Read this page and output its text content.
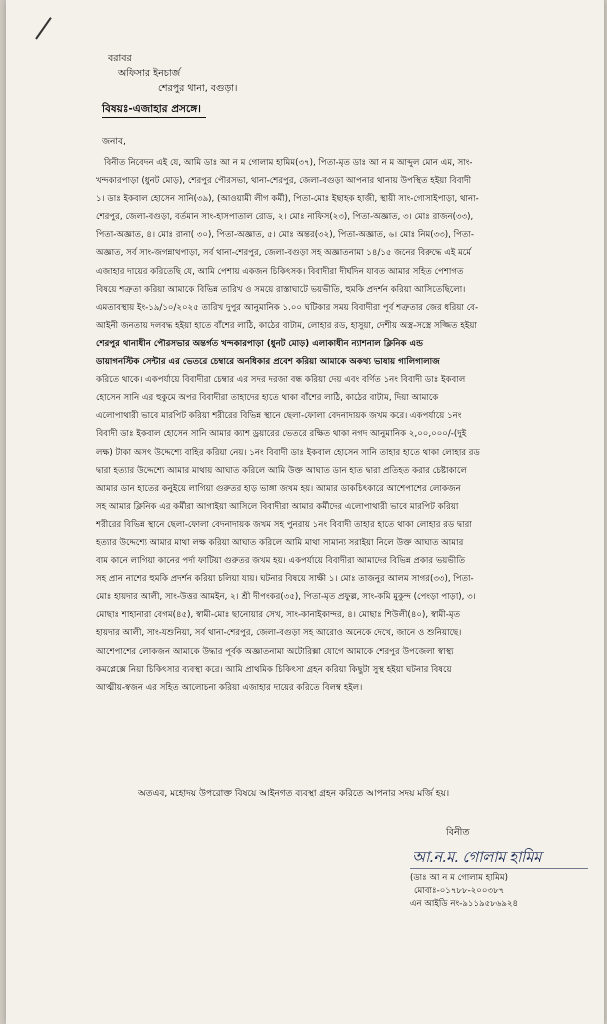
বরাবর
অফিসার ইনচার্জ
শেরপুর থানা, বগুড়া।
বিষয়ঃ-এজাহার প্রসঙ্গে।
জনাব,
বিনীত নিবেদন এই যে, আমি ডাঃ আ ন ম গোলাম হামিম(৩৭), পিতা-মৃত ডাঃ আ ন ম আব্দুল মোন এম, সাং-
খন্দকারপাড়া (ধুনট মোড়), শেরপুর পৌরসভা, থানা-শেরপুর, জেলা-বগুড়া আপনার থানায় উপস্থিত হইয়া বিবাদী
১। ডাঃ ইকবাল হোসেন সানি(৩৯), (আওয়ামী লীগ কর্মী), পিতা-মোঃ ইছাহক হাজী, স্থায়ী সাং-গোসাইপাড়া, থানা-
শেরপুর, জেলা-বগুড়া, বর্তমান সাং-হাসপাতাল রোড, ২। মোঃ নাফিস(২৩), পিতা-অজ্ঞাত, ৩। মোঃ রাজন(৩৩),
পিতা-অজ্ঞাত, ৪। মোঃ রানা( ৩০), পিতা-অজ্ঞাত, ৫। মোঃ অন্তর(৩২), পিতা-অজ্ঞাত, ৬। মোঃ নিম(৩৩), পিতা-
অজ্ঞাত, সর্ব সাং-জগন্নাথপাড়া, সর্ব থানা-শেরপুর, জেলা-বগুড়া সহ অজ্ঞাতনামা ১৪/১৫ জনের বিরুদ্ধে এই মর্মে
এজাহার দায়ের করিতেছি যে, আমি পেশায় একজন চিকিৎসক। বিবাদীরা দীর্ঘদিন যাবত আমার সহিত পেশাগত
বিষয়ে শত্রুতা করিয়া আমাকে বিভিন্ন তারিখ ও সময়ে রাস্তাঘাটে ভয়ভীতি, হুমকি প্রদর্শন করিয়া আসিতেছিলো।
এমতাবস্থায় ইং-১৯/১০/২০২৫ তারিখ দুপুর আনুমানিক ১.০০ ঘটিকার সময় বিবাদীরা পূর্ব শত্রুতার জের ধরিয়া বে-
আইনী জনতায় দলবদ্ধ হইয়া হাতে বাঁশের লাঠি, কাঠের বাটাম, লোহার রড, হাসুয়া, দেশীয় অস্ত্র-সস্ত্রে সজ্জিত হইয়া
শেরপুর থানাধীন পৌরসভার অন্তর্গত খন্দকারপাড়া (ধুনট মোড়) এলাকাধীন ন্যাশনাল ক্লিনিক এন্ড
ডায়াগনস্টিক সেন্টার এর ভেতরে চেম্বারে অনধিকার প্রবেশ করিয়া আমাকে অকথ্য ভাষায় গালিগালাজ
করিতে থাকে। একপর্যায়ে বিবাদীরা চেম্বার এর সদর দরজা বন্ধ করিয়া দেয় এবং বর্ণিত ১নং বিবাদী ডাঃ ইকবাল
হোসেন সানি এর হুকুমে অপর বিবাদীরা তাহাদের হাতে থাকা বাঁশের লাঠি, কাঠের বাটাম, দিয়া আমাকে
এলোপাথারী ভাবে মারপিট করিয়া শরীরের বিভিন্ন স্থানে ছেলা-ফোলা বেদনাদায়ক জখম করে। একপর্যায়ে ১নং
বিবাদী ডাঃ ইকবাল হোসেন সানি আমার ক্যাশ ড্রয়ারের ভেতরে রক্ষিত থাকা নগদ আনুমানিক ২,০০,০০০/-(দুই
লক্ষ) টাকা অসৎ উদ্দেশ্যে বাহির করিয়া নেয়। ১নং বিবাদী ডাঃ ইকবাল হোসেন সানি তাহার হাতে থাকা লোহার রড
দ্বারা হত্যার উদ্দেশ্যে আমার মাথায় আঘাত করিলে আমি উক্ত আঘাত ডান হাত দ্বারা প্রতিহত করার চেষ্টাকালে
আমার ডান হাতের কনুইয়ে লাগিয়া গুরুতর হাড় ভাঙ্গা জখম হয়। আমার ডাকচিৎকারে আশেপাশের লোকজন
সহ আমার ক্লিনিক এর কর্মীরা আগাইয়া আসিলে বিবাদীরা আমার কর্মীদের এলোপাথারী ভাবে মারপিট করিয়া
শরীরের বিভিন্ন স্থানে ছেলা-ফোলা বেদনাদায়ক জখম সহ পুনরায় ১নং বিবাদী তাহার হাতে থাকা লোহার রড দ্বারা
হত্যার উদ্দেশ্যে আমার মাথা লক্ষ করিয়া আঘাত করিলে আমি মাথা সামান্য সরাইয়া নিলে উক্ত আঘাত আমার
বাম কানে লাগিয়া কানের পর্দা ফাটিয়া গুরুতর জখম হয়। একপর্যায়ে বিবাদীরা আমাদের বিভিন্ন প্রকার ভয়ভীতি
সহ প্রান নাশের হুমকি প্রদর্শন করিয়া চলিয়া যায়। ঘটনার বিষয়ে সাক্ষী ১। মোঃ তাজনুর আলম সাগর(৩৩), পিতা-
মোঃ হায়দার আলী, সাং-উত্তর আমইন, ২। শ্রী দীপংকর(৩৫), পিতা-মৃত প্রফুল্ল, সাং-কমি মুকুন্দ (পেংড়া পাড়া), ৩।
মোছাঃ শাহানারা বেগম(৪৫), স্বামী-মোঃ ছানোয়ার সেখ, সাং-কানাইকান্দর, ৪। মোছাঃ শিউলী(৪০), স্বামী-মৃত
হায়দার আলী, সাং-যশুনিয়া, সর্ব থানা-শেরপুর, জেলা-বগুড়া সহ আরোও অনেকে দেখে, জানে ও শুনিয়াছে।
আশেপাশের লোকজন আমাকে উদ্ধার পূর্বক অজ্ঞাতনামা অটোরিক্সা যোগে আমাকে শেরপুর উপজেলা স্বাস্থ্য
কমপ্লেক্সে নিয়া চিকিৎসার ব্যবস্থা করে। আমি প্রাথমিক চিকিৎসা গ্রহন করিয়া কিছুটা সুস্থ হইয়া ঘটনার বিষয়ে
আত্মীয়-স্বজন এর সহিত আলোচনা করিয়া এজাহার দায়ের করিতে বিলম্ব হইল।
অতএব, মহোদয় উপরোক্ত বিষয়ে আইনগত ব্যবস্থা গ্রহন করিতে আপনার সদয় মর্জি হয়।
বিনীত
আ.ন.ম. গোলাম হামিম
(ডাঃ আ ন ম গোলাম হামিম)
মোবাঃ-০১৭৮৮-২০০৩৮৭
এন আইডি নং-৯১১৯৫৮৬৯২৪
